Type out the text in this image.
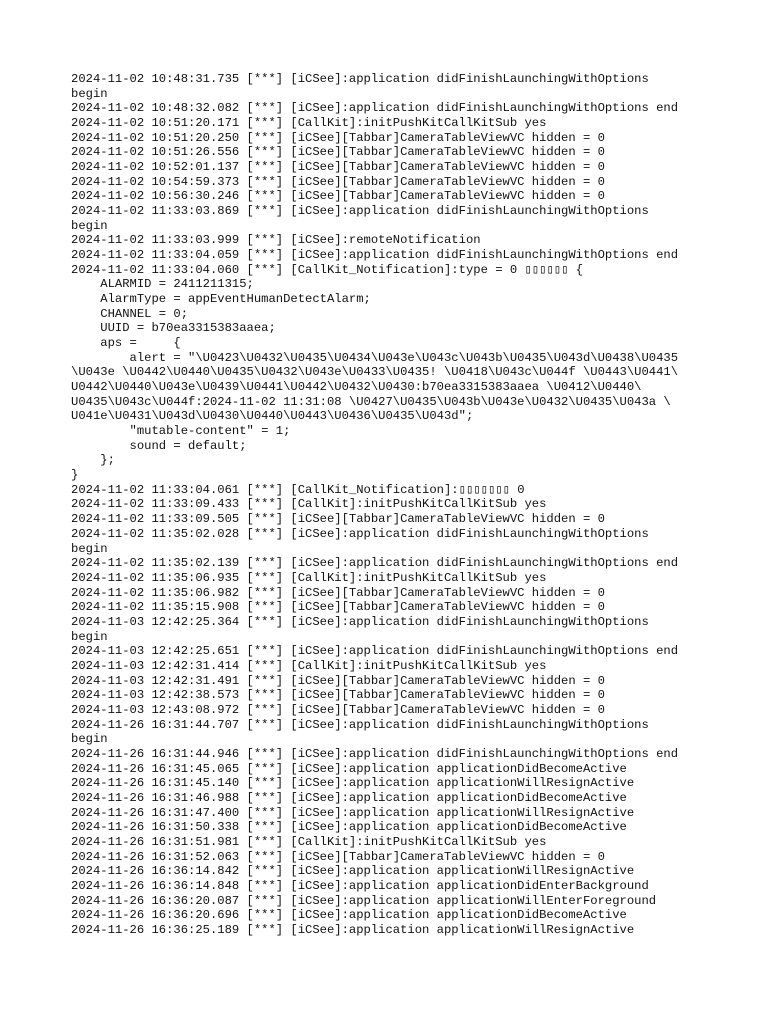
2024-11-02 10:48:31.735 [***] [iCSee]:application didFinishLaunchingWithOptions
begin
2024-11-02 10:48:32.082 [***] [iCSee]:application didFinishLaunchingWithOptions end
2024-11-02 10:51:20.171 [***] [CallKit]:initPushKitCallKitSub yes
2024-11-02 10:51:20.250 [***] [iCSee][Tabbar]CameraTableViewVC hidden = 0
2024-11-02 10:51:26.556 [***] [iCSee][Tabbar]CameraTableViewVC hidden = 0
2024-11-02 10:52:01.137 [***] [iCSee][Tabbar]CameraTableViewVC hidden = 0
2024-11-02 10:54:59.373 [***] [iCSee][Tabbar]CameraTableViewVC hidden = 0
2024-11-02 10:56:30.246 [***] [iCSee][Tabbar]CameraTableViewVC hidden = 0
2024-11-02 11:33:03.869 [***] [iCSee]:application didFinishLaunchingWithOptions
begin
2024-11-02 11:33:03.999 [***] [iCSee]:remoteNotification
2024-11-02 11:33:04.059 [***] [iCSee]:application didFinishLaunchingWithOptions end
2024-11-02 11:33:04.060 [***] [CallKit_Notification]:type = 0 ▯▯▯▯▯▯ {
ALARMID = 2411211315;
AlarmType = appEventHumanDetectAlarm;
CHANNEL = 0;
UUID = b70ea3315383aaea;
aps =     {
alert = "\U0423\U0432\U0435\U0434\U043e\U043c\U043b\U0435\U043d\U0438\U0435
\U043e \U0442\U0440\U0435\U0432\U043e\U0433\U0435! \U0418\U043c\U044f \U0443\U0441\
U0442\U0440\U043e\U0439\U0441\U0442\U0432\U0430:b70ea3315383aaea \U0412\U0440\
U0435\U043c\U044f:2024-11-02 11:31:08 \U0427\U0435\U043b\U043e\U0432\U0435\U043a \
U041e\U0431\U043d\U0430\U0440\U0443\U0436\U0435\U043d";
"mutable-content" = 1;
sound = default;
};
}
2024-11-02 11:33:04.061 [***] [CallKit_Notification]:▯▯▯▯▯▯▯ 0
2024-11-02 11:33:09.433 [***] [CallKit]:initPushKitCallKitSub yes
2024-11-02 11:33:09.505 [***] [iCSee][Tabbar]CameraTableViewVC hidden = 0
2024-11-02 11:35:02.028 [***] [iCSee]:application didFinishLaunchingWithOptions
begin
2024-11-02 11:35:02.139 [***] [iCSee]:application didFinishLaunchingWithOptions end
2024-11-02 11:35:06.935 [***] [CallKit]:initPushKitCallKitSub yes
2024-11-02 11:35:06.982 [***] [iCSee][Tabbar]CameraTableViewVC hidden = 0
2024-11-02 11:35:15.908 [***] [iCSee][Tabbar]CameraTableViewVC hidden = 0
2024-11-03 12:42:25.364 [***] [iCSee]:application didFinishLaunchingWithOptions
begin
2024-11-03 12:42:25.651 [***] [iCSee]:application didFinishLaunchingWithOptions end
2024-11-03 12:42:31.414 [***] [CallKit]:initPushKitCallKitSub yes
2024-11-03 12:42:31.491 [***] [iCSee][Tabbar]CameraTableViewVC hidden = 0
2024-11-03 12:42:38.573 [***] [iCSee][Tabbar]CameraTableViewVC hidden = 0
2024-11-03 12:43:08.972 [***] [iCSee][Tabbar]CameraTableViewVC hidden = 0
2024-11-26 16:31:44.707 [***] [iCSee]:application didFinishLaunchingWithOptions
begin
2024-11-26 16:31:44.946 [***] [iCSee]:application didFinishLaunchingWithOptions end
2024-11-26 16:31:45.065 [***] [iCSee]:application applicationDidBecomeActive
2024-11-26 16:31:45.140 [***] [iCSee]:application applicationWillResignActive
2024-11-26 16:31:46.988 [***] [iCSee]:application applicationDidBecomeActive
2024-11-26 16:31:47.400 [***] [iCSee]:application applicationWillResignActive
2024-11-26 16:31:50.338 [***] [iCSee]:application applicationDidBecomeActive
2024-11-26 16:31:51.981 [***] [CallKit]:initPushKitCallKitSub yes
2024-11-26 16:31:52.063 [***] [iCSee][Tabbar]CameraTableViewVC hidden = 0
2024-11-26 16:36:14.842 [***] [iCSee]:application applicationWillResignActive
2024-11-26 16:36:14.848 [***] [iCSee]:application applicationDidEnterBackground
2024-11-26 16:36:20.087 [***] [iCSee]:application applicationWillEnterForeground
2024-11-26 16:36:20.696 [***] [iCSee]:application applicationDidBecomeActive
2024-11-26 16:36:25.189 [***] [iCSee]:application applicationWillResignActive
